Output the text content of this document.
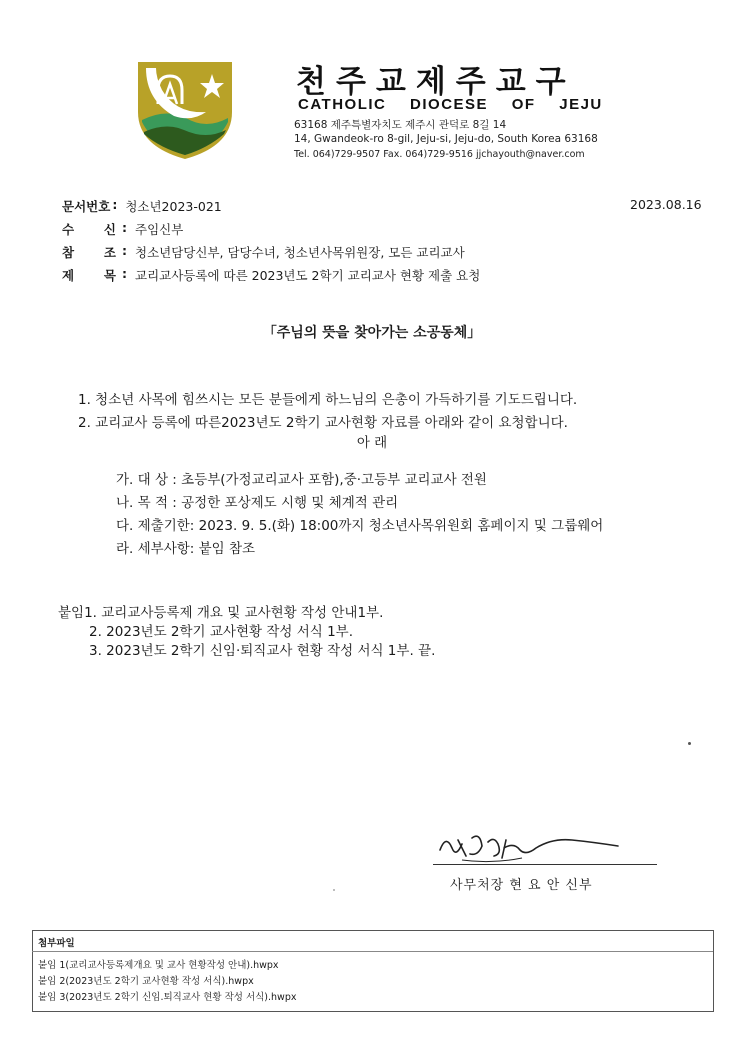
천주교제주교구
CATHOLIC DIOCESE OF JEJU
63168 제주특별자치도 제주시 관덕로 8길 14
14, Gwandeok-ro 8-gil, Jeju-si, Jeju-do, South Korea 63168
Tel. 064)729-9507 Fax. 064)729-9516 jjchayouth@naver.com
문서번호 : 청소년2023-021	2023.08.16
수 신 : 주임신부
참 조 : 청소년담당신부, 담당수녀, 청소년사목위원장, 모든 교리교사
제 목 : 교리교사등록에 따른 2023년도 2학기 교리교사 현황 제출 요청
「주님의 뜻을 찾아가는 소공동체」
1. 청소년 사목에 힘쓰시는 모든 분들에게 하느님의 은총이 가득하기를 기도드립니다.
2. 교리교사 등록에 따른2023년도 2학기 교사현황 자료를 아래와 같이 요청합니다.
아 래
가. 대 상 : 초등부(가정교리교사 포함),중·고등부 교리교사 전원
나. 목 적 : 공정한 포상제도 시행 및 체계적 관리
다. 제출기한: 2023. 9. 5.(화) 18:00까지 청소년사목위원회 홈페이지 및 그룹웨어
라. 세부사항: 붙임 참조
붙임1. 교리교사등록제 개요 및 교사현황 작성 안내1부.
2. 2023년도 2학기 교사현황 작성 서식 1부.
3. 2023년도 2학기 신임·퇴직교사 현황 작성 서식 1부. 끝.
사무처장 현 요 안 신부
첨부파일
붙임 1(교리교사등록제개요 및 교사 현황작성 안내).hwpx
붙임 2(2023년도 2학기 교사현황 작성 서식).hwpx
붙임 3(2023년도 2학기 신임.퇴직교사 현황 작성 서식).hwpx
